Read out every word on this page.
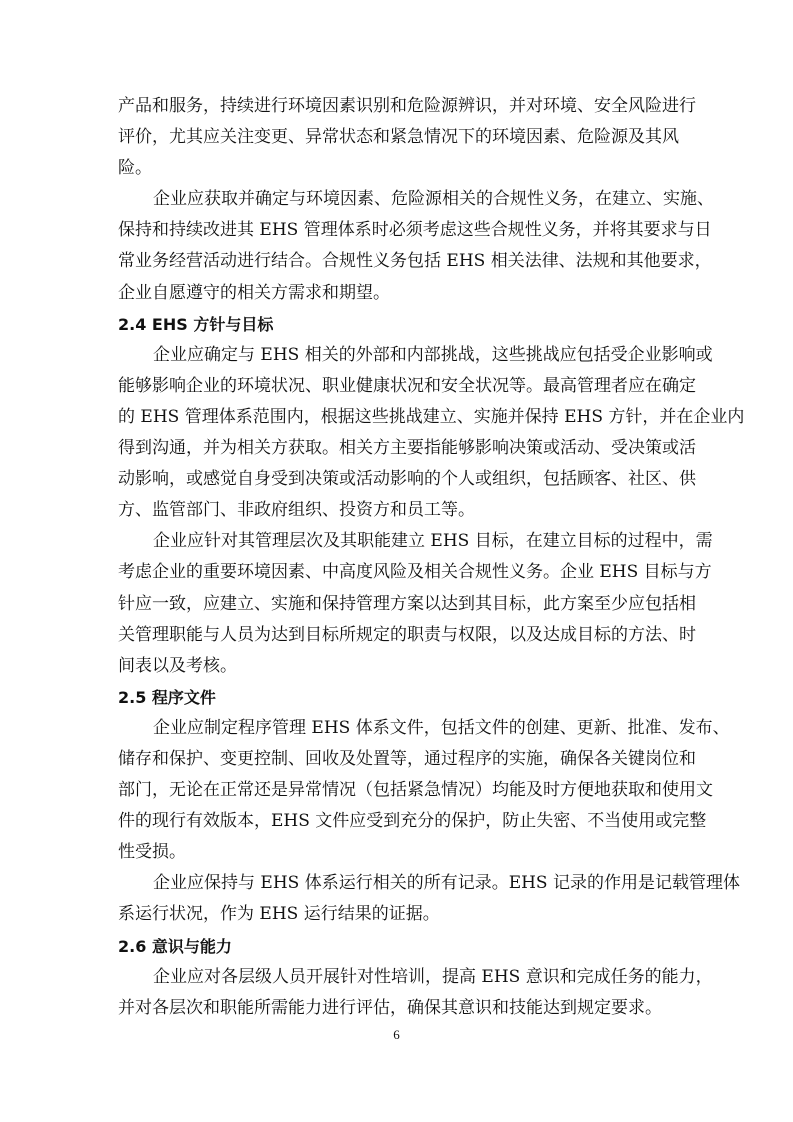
产品和服务，持续进行环境因素识别和危险源辨识，并对环境、安全风险进行
评价，尤其应关注变更、异常状态和紧急情况下的环境因素、危险源及其风
险。
企业应获取并确定与环境因素、危险源相关的合规性义务，在建立、实施、
保持和持续改进其 EHS 管理体系时必须考虑这些合规性义务，并将其要求与日
常业务经营活动进行结合。合规性义务包括 EHS 相关法律、法规和其他要求，
企业自愿遵守的相关方需求和期望。
2.4 EHS 方针与目标
企业应确定与 EHS 相关的外部和内部挑战，这些挑战应包括受企业影响或
能够影响企业的环境状况、职业健康状况和安全状况等。最高管理者应在确定
的 EHS 管理体系范围内，根据这些挑战建立、实施并保持 EHS 方针，并在企业内
得到沟通，并为相关方获取。相关方主要指能够影响决策或活动、受决策或活
动影响，或感觉自身受到决策或活动影响的个人或组织，包括顾客、社区、供
方、监管部门、非政府组织、投资方和员工等。
企业应针对其管理层次及其职能建立 EHS 目标，在建立目标的过程中，需
考虑企业的重要环境因素、中高度风险及相关合规性义务。企业 EHS 目标与方
针应一致，应建立、实施和保持管理方案以达到其目标，此方案至少应包括相
关管理职能与人员为达到目标所规定的职责与权限，以及达成目标的方法、时
间表以及考核。
2.5 程序文件
企业应制定程序管理 EHS 体系文件，包括文件的创建、更新、批准、发布、
储存和保护、变更控制、回收及处置等，通过程序的实施，确保各关键岗位和
部门，无论在正常还是异常情况（包括紧急情况）均能及时方便地获取和使用文
件的现行有效版本，EHS 文件应受到充分的保护，防止失密、不当使用或完整
性受损。
企业应保持与 EHS 体系运行相关的所有记录。EHS 记录的作用是记载管理体
系运行状况，作为 EHS 运行结果的证据。
2.6 意识与能力
企业应对各层级人员开展针对性培训，提高 EHS 意识和完成任务的能力，
并对各层次和职能所需能力进行评估，确保其意识和技能达到规定要求。
6
